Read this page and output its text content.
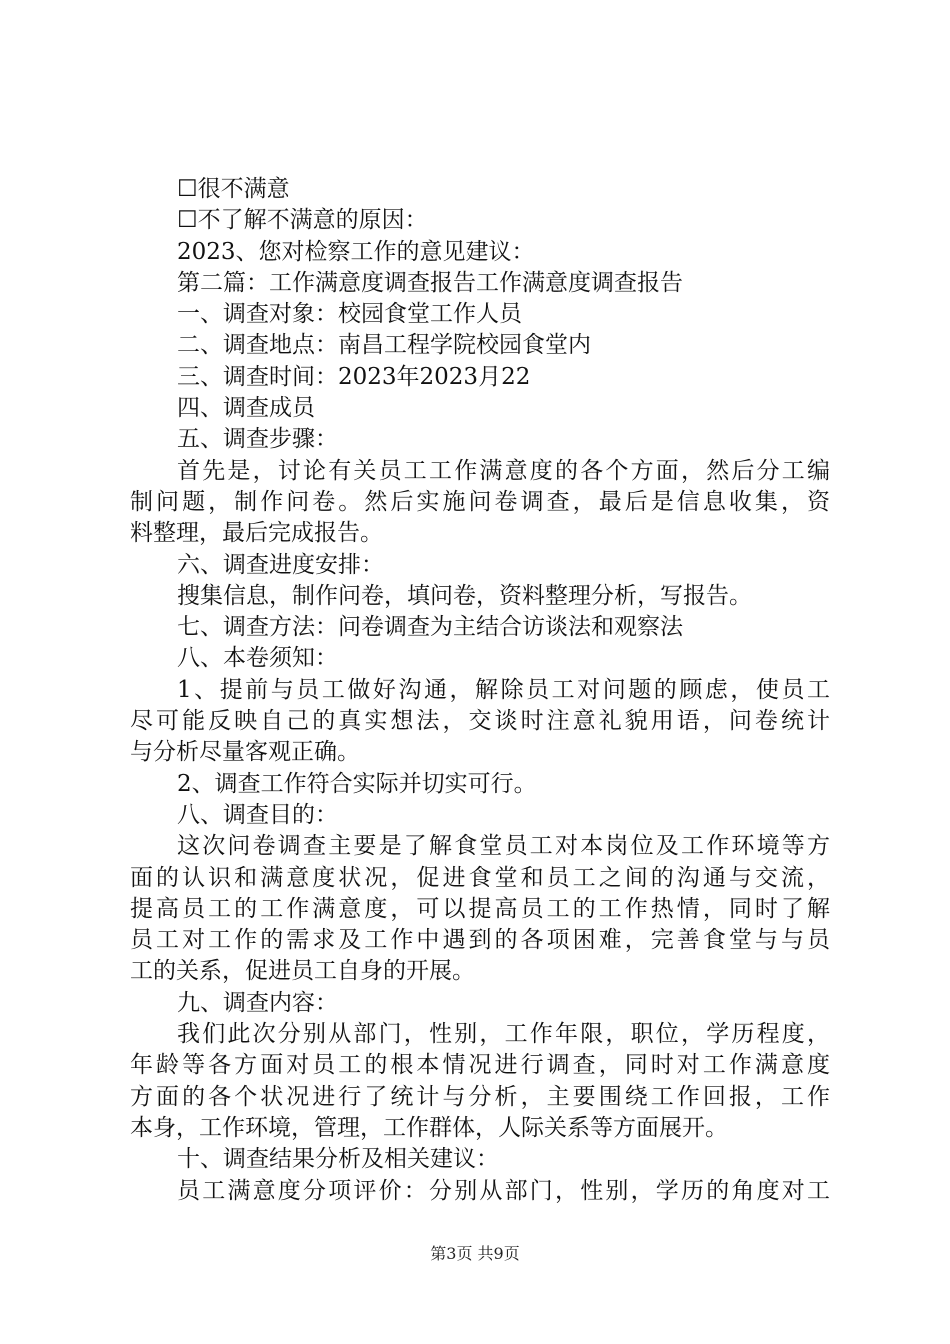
☐很不满意
☐不了解不满意的原因：
2023、您对检察工作的意见建议：
第二篇：工作满意度调查报告工作满意度调查报告
一、调查对象：校园食堂工作人员
二、调查地点：南昌工程学院校园食堂内
三、调查时间：2023年2023月22
四、调查成员
五、调查步骤：
首先是，讨论有关员工工作满意度的各个方面，然后分工编
制问题，制作问卷。然后实施问卷调查，最后是信息收集，资
料整理，最后完成报告。
六、调查进度安排：
搜集信息，制作问卷，填问卷，资料整理分析，写报告。
七、调查方法：问卷调查为主结合访谈法和观察法
八、本卷须知：
1、提前与员工做好沟通，解除员工对问题的顾虑，使员工
尽可能反映自己的真实想法，交谈时注意礼貌用语，问卷统计
与分析尽量客观正确。
2、调查工作符合实际并切实可行。
八、调查目的：
这次问卷调查主要是了解食堂员工对本岗位及工作环境等方
面的认识和满意度状况，促进食堂和员工之间的沟通与交流，
提高员工的工作满意度，可以提高员工的工作热情，同时了解
员工对工作的需求及工作中遇到的各项困难，完善食堂与与员
工的关系，促进员工自身的开展。
九、调查内容：
我们此次分别从部门，性别，工作年限，职位，学历程度，
年龄等各方面对员工的根本情况进行调查，同时对工作满意度
方面的各个状况进行了统计与分析，主要围绕工作回报，工作
本身，工作环境，管理，工作群体，人际关系等方面展开。
十、调查结果分析及相关建议：
员工满意度分项评价：分别从部门，性别，学历的角度对工
第3页 共9页
